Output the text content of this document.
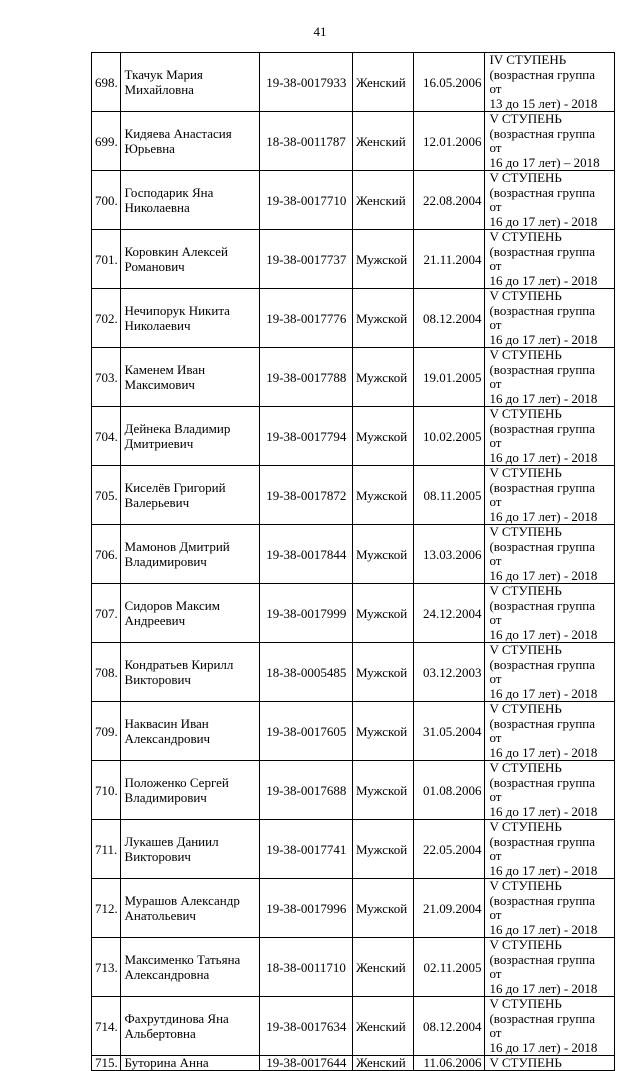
41
698.	Ткачук Мария Михайловна	19-38-0017933	Женский	16.05.2006	IV СТУПЕНЬ
(возрастная группа от
13 до 15 лет) - 2018

699.	Кидяева Анастасия Юрьевна	18-38-0011787	Женский	12.01.2006	V СТУПЕНЬ
(возрастная группа от
16 до 17 лет) – 2018

700.	Господарик Яна Николаевна	19-38-0017710	Женский	22.08.2004	V СТУПЕНЬ
(возрастная группа от
16 до 17 лет) - 2018

701.	Коровкин Алексей Романович	19-38-0017737	Мужской	21.11.2004	V СТУПЕНЬ
(возрастная группа от
16 до 17 лет) - 2018

702.	Нечипорук Никита Николаевич	19-38-0017776	Мужской	08.12.2004	V СТУПЕНЬ
(возрастная группа от
16 до 17 лет) - 2018

703.	Каменем Иван Максимович	19-38-0017788	Мужской	19.01.2005	V СТУПЕНЬ
(возрастная группа от
16 до 17 лет) - 2018

704.	Дейнека Владимир Дмитриевич	19-38-0017794	Мужской	10.02.2005	V СТУПЕНЬ
(возрастная группа от
16 до 17 лет) - 2018

705.	Киселёв Григорий Валерьевич	19-38-0017872	Мужской	08.11.2005	V СТУПЕНЬ
(возрастная группа от
16 до 17 лет) - 2018

706.	Мамонов Дмитрий Владимирович	19-38-0017844	Мужской	13.03.2006	V СТУПЕНЬ
(возрастная группа от
16 до 17 лет) - 2018

707.	Сидоров Максим Андреевич	19-38-0017999	Мужской	24.12.2004	V СТУПЕНЬ
(возрастная группа от
16 до 17 лет) - 2018

708.	Кондратьев Кирилл Викторович	18-38-0005485	Мужской	03.12.2003	V СТУПЕНЬ
(возрастная группа от
16 до 17 лет) - 2018

709.	Наквасин Иван Александрович	19-38-0017605	Мужской	31.05.2004	V СТУПЕНЬ
(возрастная группа от
16 до 17 лет) - 2018

710.	Положенко Сергей Владимирович	19-38-0017688	Мужской	01.08.2006	V СТУПЕНЬ
(возрастная группа от
16 до 17 лет) - 2018

711.	Лукашев Даниил Викторович	19-38-0017741	Мужской	22.05.2004	V СТУПЕНЬ
(возрастная группа от
16 до 17 лет) - 2018

712.	Мурашов Александр Анатольевич	19-38-0017996	Мужской	21.09.2004	V СТУПЕНЬ
(возрастная группа от
16 до 17 лет) - 2018

713.	Максименко Татьяна Александровна	18-38-0011710	Женский	02.11.2005	V СТУПЕНЬ
(возрастная группа от
16 до 17 лет) - 2018

714.	Фахрутдинова Яна Альбертовна	19-38-0017634	Женский	08.12.2004	V СТУПЕНЬ
(возрастная группа от
16 до 17 лет) - 2018

715.	Буторина Анна	19-38-0017644	Женский	11.06.2006	V СТУПЕНЬ
